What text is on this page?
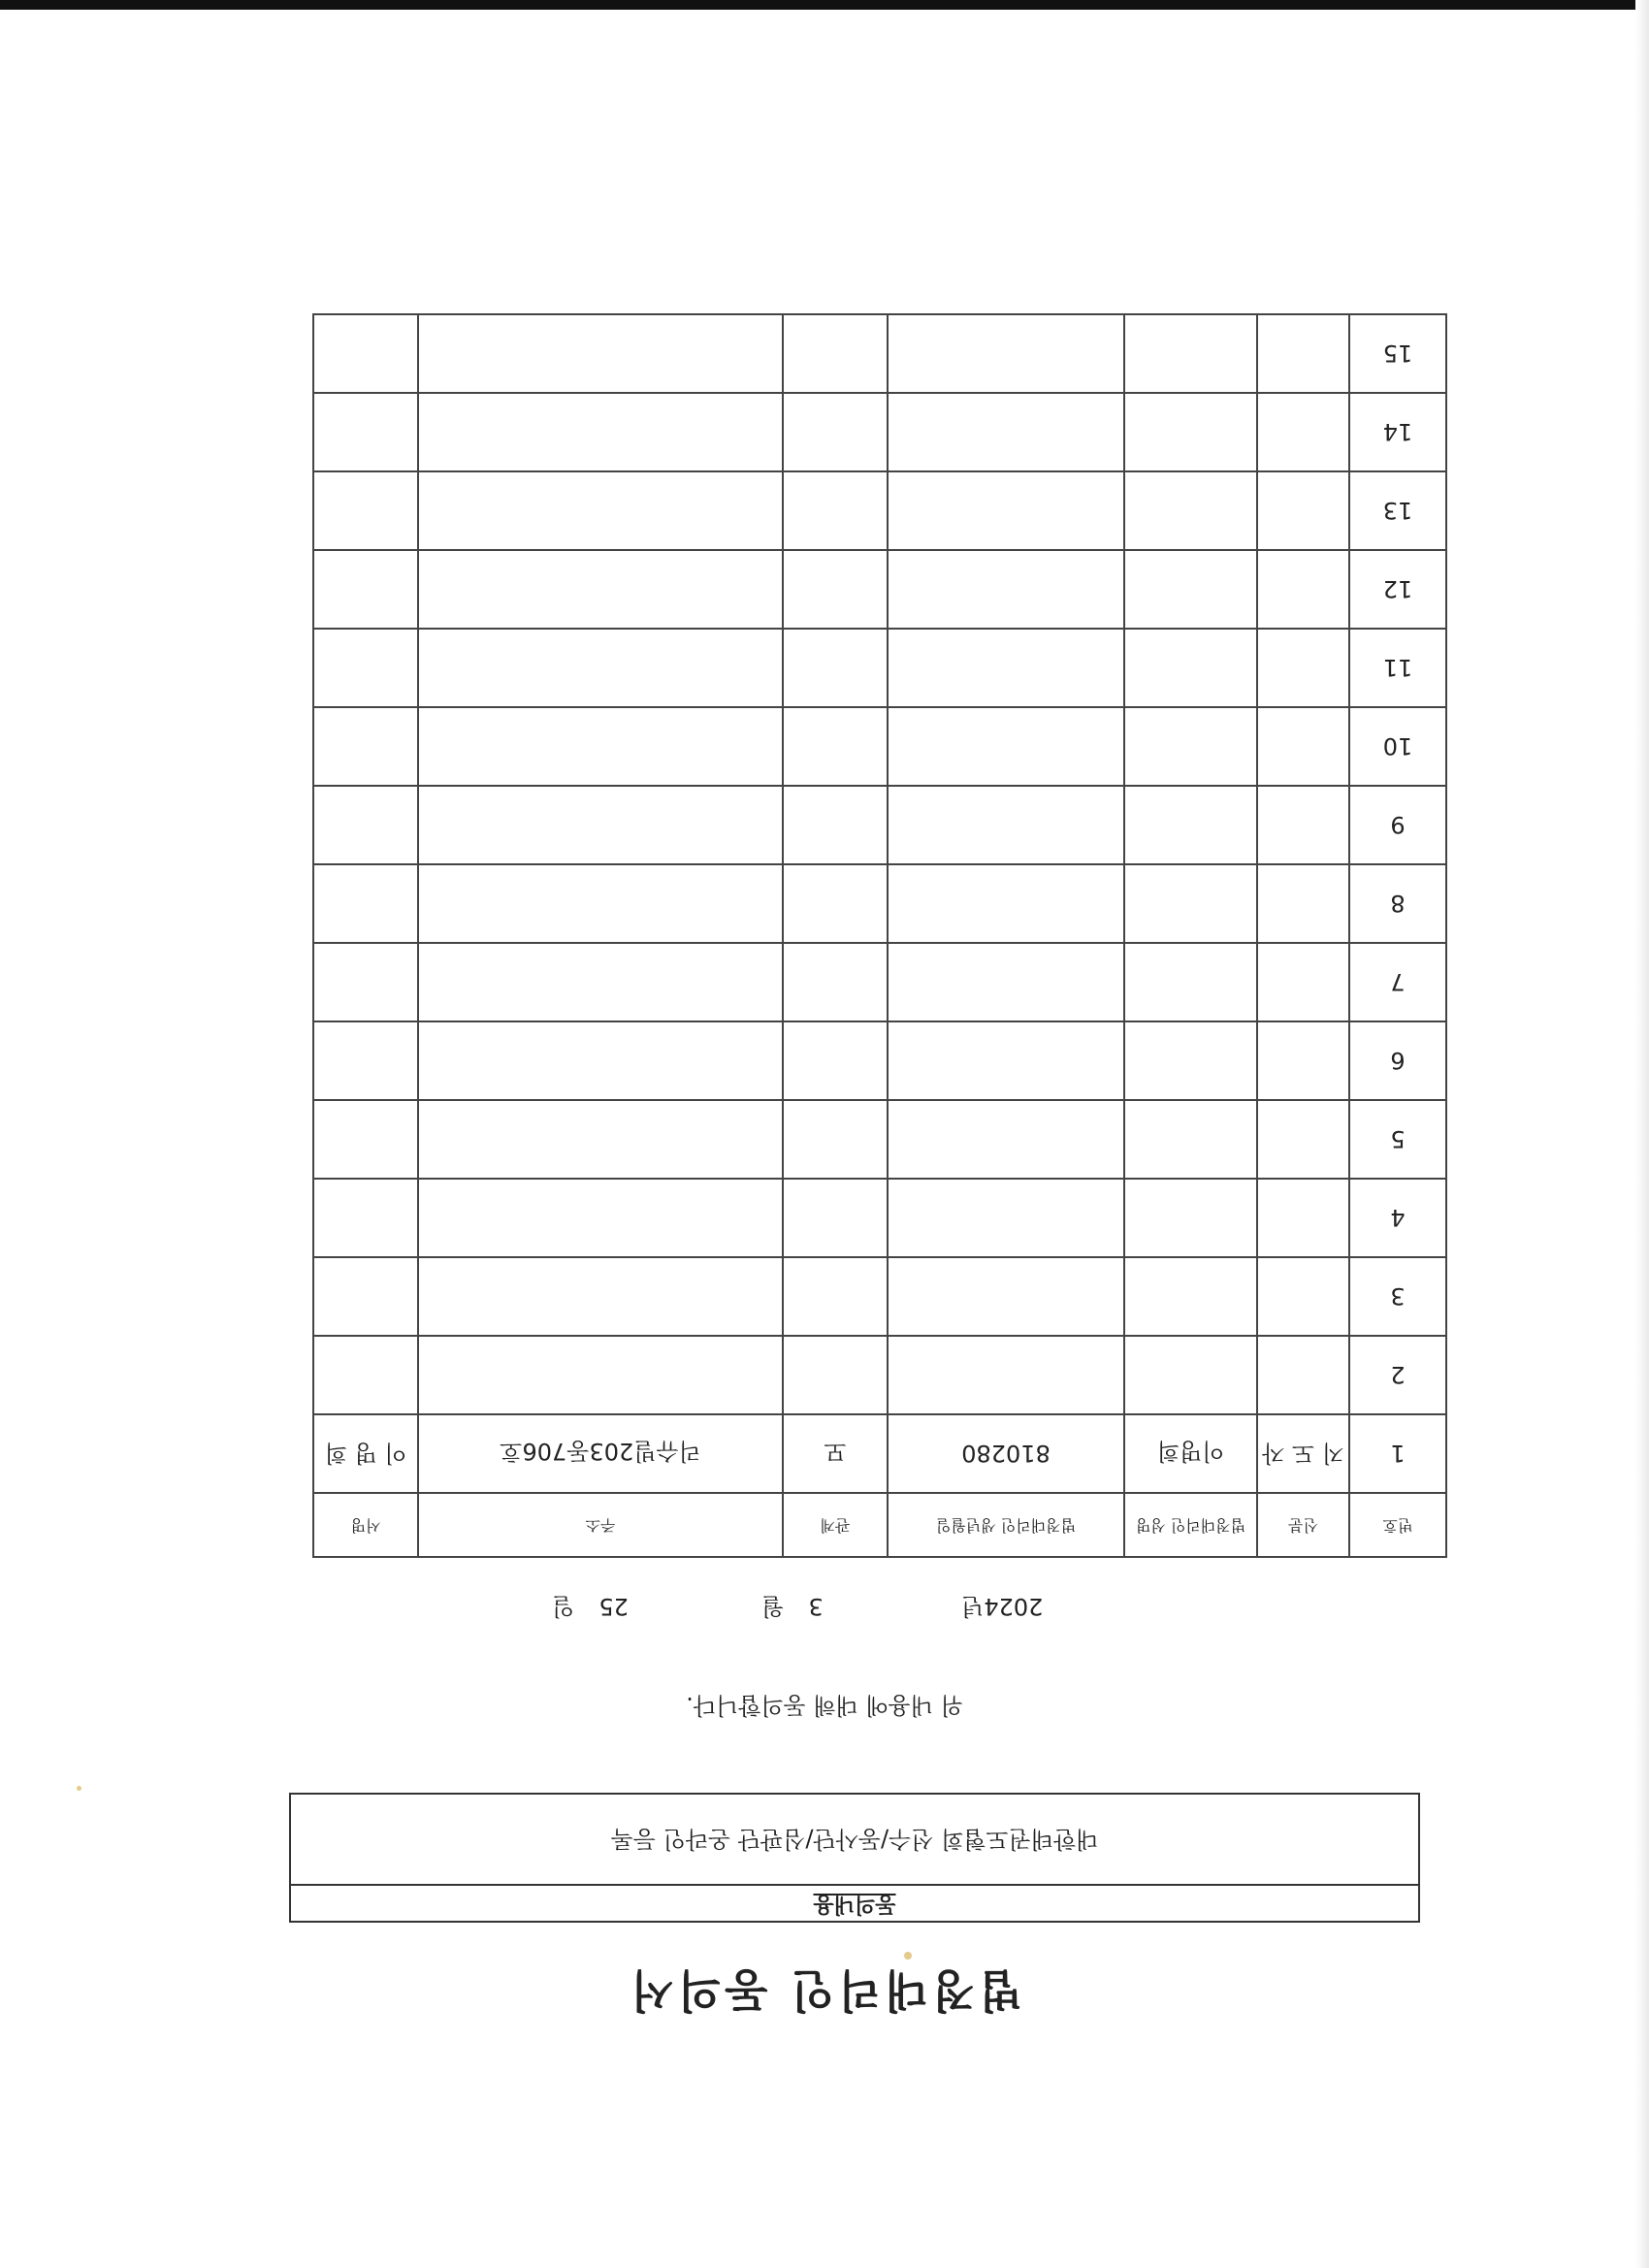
법정대리인 동의서
동의내용
대한태권도협회 선수/동사단/심판단 온라인 등록
위 내용에 대해 동의합니다.
2024년 3  월 25  일
번호	신분	법정대리인 성명	법정대리인 생년월일	관계	주소	서명
1	지 도 자	이명희	810280	모	리슈빌203동706호	이 명 희
2						
3						
4						
5						
6						
7						
8						
9						
10						
11						
12						
13						
14						
15						
